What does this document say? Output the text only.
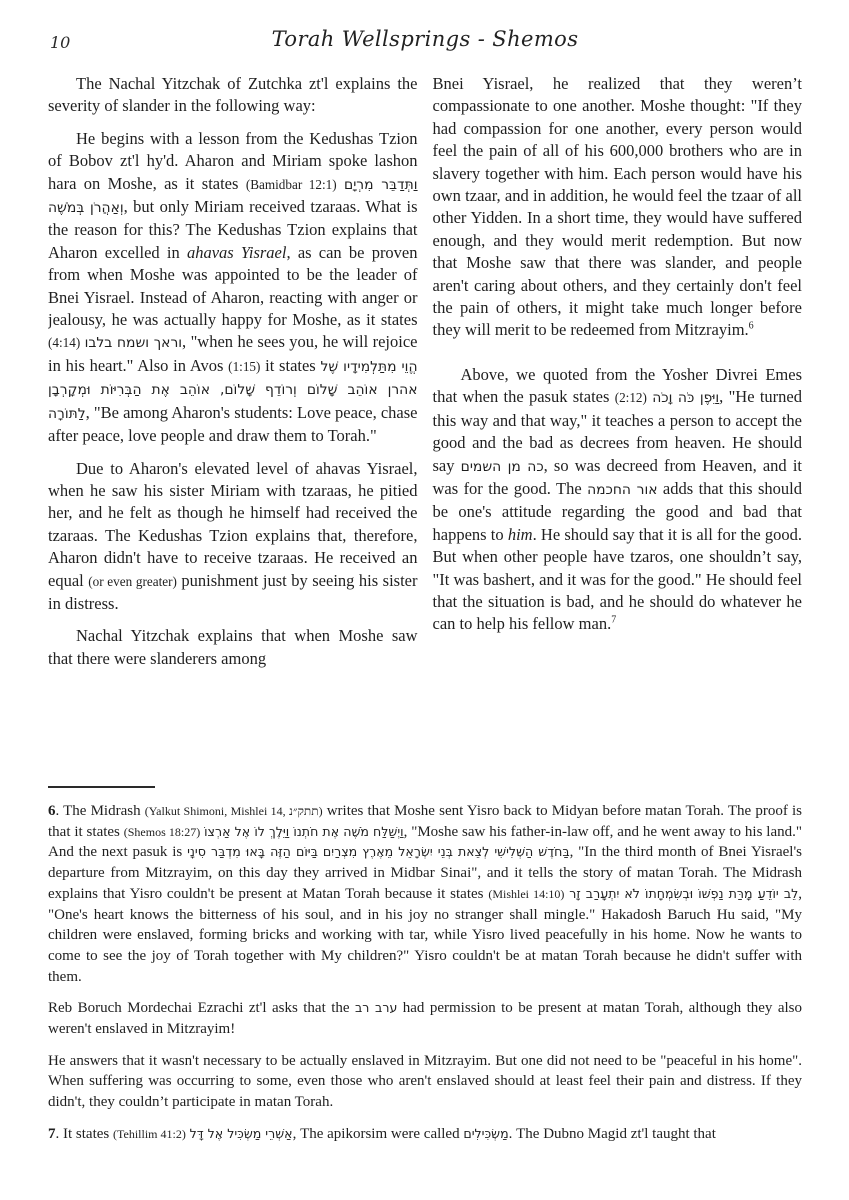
10	Torah Wellsprings - Shemos

The Nachal Yitzchak of Zutchka zt'l explains the severity of slander in the following way:

He begins with a lesson from the Kedushas Tzion of Bobov zt'l hy'd. Aharon and Miriam spoke lashon hara on Moshe, as it states (Bamidbar 12:1) וַתְּדַבֵּר מִרְיָם וְאַהֲרֹן בְּמֹשֶׁה, but only Miriam received tzaraas. What is the reason for this? The Kedushas Tzion explains that Aharon excelled in ahavas Yisrael, as can be proven from when Moshe was appointed to be the leader of Bnei Yisrael. Instead of Aharon, reacting with anger or jealousy, he was actually happy for Moshe, as it states (4:14) וראך ושמח בלבו, "when he sees you, he will rejoice in his heart." Also in Avos (1:15) it states הֱוֵי מִתַּלְמִידָיו שֶׁל אהרן אוֹהֵב שָׁלוֹם וְרוֹדֵף שָׁלוֹם, אוֹהֵב אֶת הַבְּרִיּוֹת וּמְקָרְבָן לַתּוֹרָה, "Be among Aharon's students: Love peace, chase after peace, love people and draw them to Torah."

Due to Aharon's elevated level of ahavas Yisrael, when he saw his sister Miriam with tzaraas, he pitied her, and he felt as though he himself had received the tzaraas. The Kedushas Tzion explains that, therefore, Aharon didn't have to receive tzaraas. He received an equal (or even greater) punishment just by seeing his sister in distress.

Nachal Yitzchak explains that when Moshe saw that there were slanderers among

Bnei Yisrael, he realized that they weren’t compassionate to one another. Moshe thought: "If they had compassion for one another, every person would feel the pain of all of his 600,000 brothers who are in slavery together with him. Each person would have his own tzaar, and in addition, he would feel the tzaar of all other Yidden. In a short time, they would have suffered enough, and they would merit redemption. But now that Moshe saw that there was slander, and people aren't caring about others, and they certainly don't feel the pain of others, it might take much longer before they will merit to be redeemed from Mitzrayim.$^6$

Above, we quoted from the Yosher Divrei Emes that when the pasuk states (2:12) וַיִּפֶן כֹּה וָכֹה, "He turned this way and that way," it teaches a person to accept the good and the bad as decrees from heaven. He should say כה מן השמים, so was decreed from Heaven, and it was for the good. The אור החכמה adds that this should be one's attitude regarding the good and bad that happens to him. He should say that it is all for the good. But when other people have tzaros, one shouldn’t say, "It was bashert, and it was for the good." He should feel that the situation is bad, and he should do whatever he can to help his fellow man.$^7$

6. The Midrash (Yalkut Shimoni, Mishlei 14, תתק״נ) writes that Moshe sent Yisro back to Midyan before matan Torah. The proof is that it states (Shemos 18:27) וַיְשַׁלַּח מֹשֶׁה אֶת חֹתְנוֹ וַיֵּלֶךְ לוֹ אֶל אַרְצוֹ, "Moshe saw his father-in-law off, and he went away to his land." And the next pasuk is בַּחֹדֶשׁ הַשְּׁלִישִׁי לְצֵאת בְּנֵי יִשְׂרָאֵל מֵאֶרֶץ מִצְרַיִם בַּיּוֹם הַזֶּה בָּאוּ מִדְבַּר סִינָי, "In the third month of Bnei Yisrael's departure from Mitzrayim, on this day they arrived in Midbar Sinai", and it tells the story of matan Torah. The Midrash explains that Yisro couldn't be present at Matan Torah because it states (Mishlei 14:10) לֵב יוֹדֵעַ מָרַּת נַפְשׁוֹ וּבְשִׂמְחָתוֹ לֹא יִתְעָרַב זָר, "One's heart knows the bitterness of his soul, and in his joy no stranger shall mingle." Hakadosh Baruch Hu said, "My children were enslaved, forming bricks and working with tar, while Yisro lived peacefully in his home. Now he wants to come to see the joy of Torah together with My children?" Yisro couldn't be at matan Torah because he didn't suffer with them.

Reb Boruch Mordechai Ezrachi zt'l asks that the ערב רב had permission to be present at matan Torah, although they also weren't enslaved in Mitzrayim!

He answers that it wasn't necessary to be actually enslaved in Mitzrayim. But one did not need to be "peaceful in his home". When suffering was occurring to some, even those who aren't enslaved should at least feel their pain and distress. If they didn't, they couldn’t participate in matan Torah.

7. It states (Tehillim 41:2) אַשְׁרֵי מַשְׂכִּיל אֶל דָּל, The apikorsim were called מַשְׂכִּילִים. The Dubno Magid zt'l taught that
